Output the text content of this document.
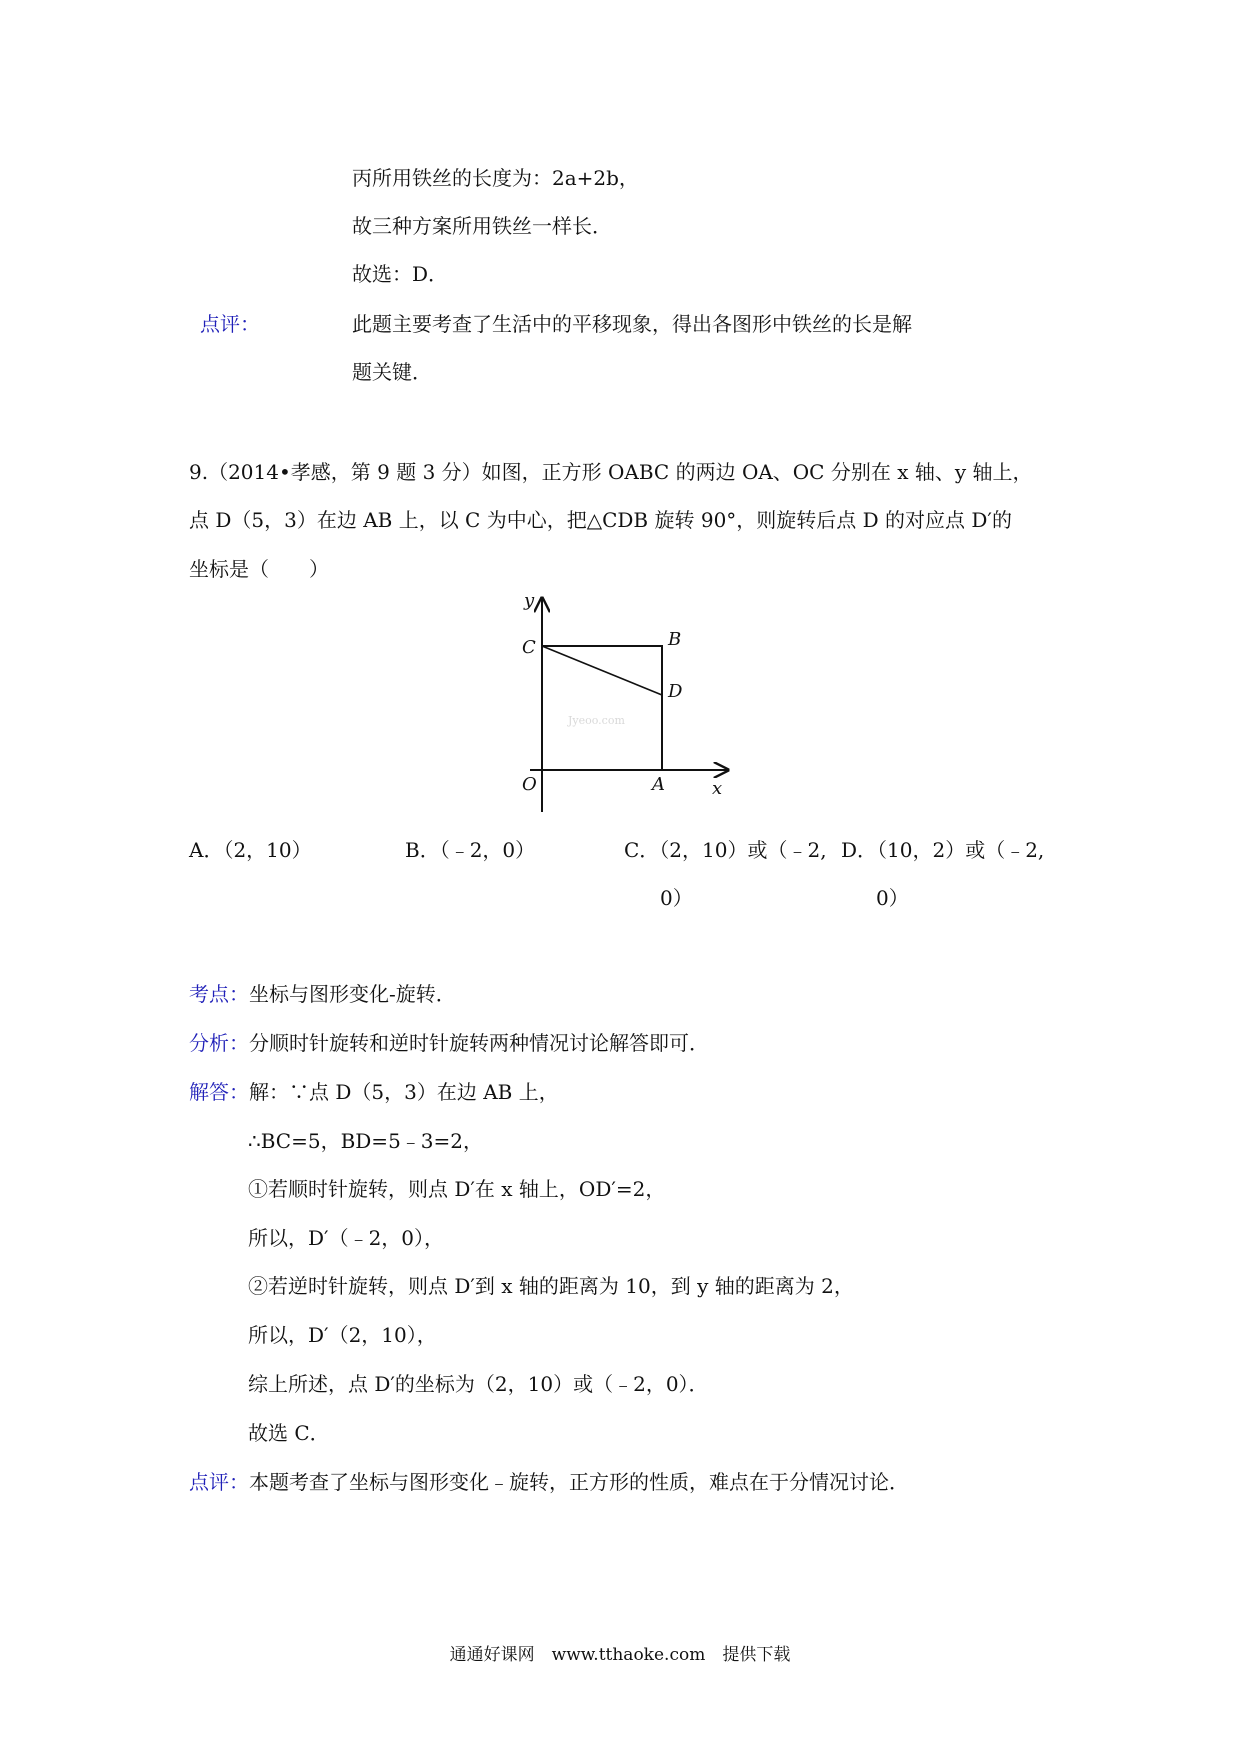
丙所用铁丝的长度为：2a+2b，
故三种方案所用铁丝一样长．
故选：D．
点评：	此题主要考查了生活中的平移现象，得出各图形中铁丝的长是解
题关键．
9.（2014•孝感，第 9 题 3 分）如图，正方形 OABC 的两边 OA、OC 分别在 x 轴、y 轴上，
点 D（5，3）在边 AB 上，以 C 为中心，把△CDB 旋转 90°，则旋转后点 D 的对应点 D′的
坐标是（　　）
y
x
C	B
D
O	A
Jyeoo.com
A．（2，10）	B．（﹣2，0）	C．（2，10）或（﹣2,
0）
D．（10，2）或（﹣2,
0）
考点：坐标与图形变化-旋转．
分析：分顺时针旋转和逆时针旋转两种情况讨论解答即可．
解答：解：∵点 D（5，3）在边 AB 上，
∴BC=5，BD=5﹣3=2，
①若顺时针旋转，则点 D′在 x 轴上，OD′=2，
所以，D′（﹣2，0），
②若逆时针旋转，则点 D′到 x 轴的距离为 10，到 y 轴的距离为 2，
所以，D′（2，10），
综上所述，点 D′的坐标为（2，10）或（﹣2，0）．
故选 C．
点评：本题考查了坐标与图形变化﹣旋转，正方形的性质，难点在于分情况讨论．
通通好课网　www.tthaoke.com　提供下载
